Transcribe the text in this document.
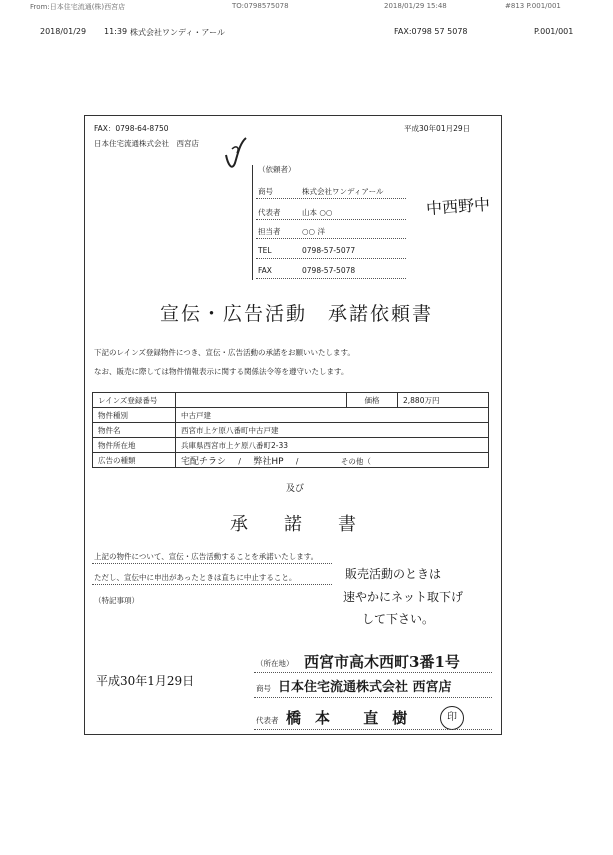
From:日本住宅流通(株)西宮店	TO:0798575078	2018/01/29 15:48	#813 P.001/001
2018/01/29 11:39 株式会社ワンディ・アール	FAX:0798 57 5078	P.001/001
FAX：0798-64-8750
日本住宅流通株式会社　西宮店
平成30年01月29日
（依頼者）
商号	株式会社ワンディアール
代表者	山本 ○○
担当者	○○ 洋
TEL	0798-57-5077
FAX	0798-57-5078
中西野中
宣伝・広告活動　承諾依頼書
下記のレインズ登録物件につき、宣伝・広告活動の承諾をお願いいたします。
なお、販売に際しては物件情報表示に関する関係法令等を遵守いたします。
レインズ登録番号		価格	2,880万円
物件種別	中古戸建		
物件名	西宮市上ケ原八番町中古戸建		
物件所在地	兵庫県西宮市上ケ原八番町2-33		
広告の種類	宅配チラシ / 弊社HP / その他（		
及び
承諾書
上記の物件について、宣伝・広告活動することを承諾いたします。
ただし、宣伝中に申出があったときは直ちに中止すること。
（特記事項）
販売活動のときは
速やかにネット取下げ
して下さい。
平成30年1月29日
（所在地） 西宮市高木西町3番1号
商号 日本住宅流通株式会社 西宮店
代表者 橋本 直樹	印
